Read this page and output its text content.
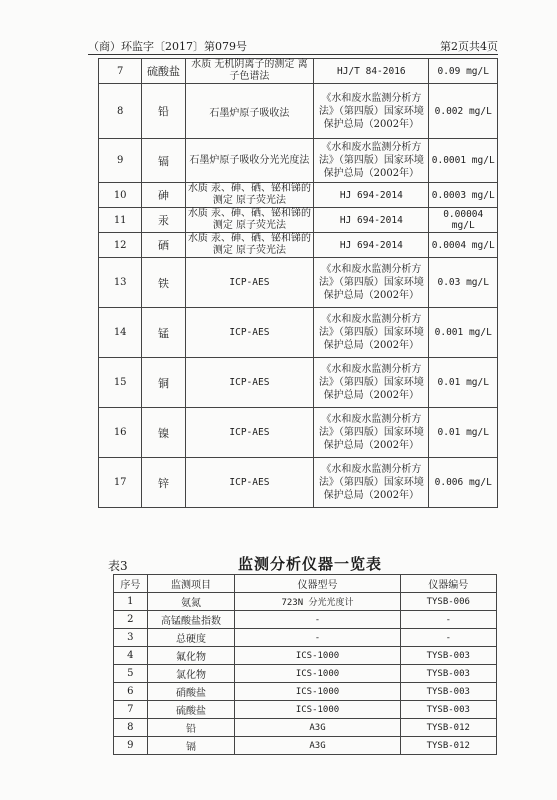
（商）环监字〔2017〕第079号	第2页共4页
7	硫酸盐	水质 无机阴离子的测定 离子色谱法	HJ/T 84-2016	0.09 mg/L
8	铅	石墨炉原子吸收法	《水和废水监测分析方法》（第四版）国家环境保护总局（2002年）	0.002 mg/L
9	镉	石墨炉原子吸收分光光度法	《水和废水监测分析方法》（第四版）国家环境保护总局（2002年）	0.0001 mg/L
10	砷	水质 汞、砷、硒、铋和锑的测定 原子荧光法	HJ 694-2014	0.0003 mg/L
11	汞	水质 汞、砷、硒、铋和锑的测定 原子荧光法	HJ 694-2014	0.00004 mg/L
12	硒	水质 汞、砷、硒、铋和锑的测定 原子荧光法	HJ 694-2014	0.0004 mg/L
13	铁	ICP-AES	《水和废水监测分析方法》（第四版）国家环境保护总局（2002年）	0.03 mg/L
14	锰	ICP-AES	《水和废水监测分析方法》（第四版）国家环境保护总局（2002年）	0.001 mg/L
15	铜	ICP-AES	《水和废水监测分析方法》（第四版）国家环境保护总局（2002年）	0.01 mg/L
16	镍	ICP-AES	《水和废水监测分析方法》（第四版）国家环境保护总局（2002年）	0.01 mg/L
17	锌	ICP-AES	《水和废水监测分析方法》（第四版）国家环境保护总局（2002年）	0.006 mg/L
表3	监测分析仪器一览表
序号	监测项目	仪器型号	仪器编号
1	氨氮	723N 分光光度计	TYSB-006
2	高锰酸盐指数	-	-
3	总硬度	-	-
4	氟化物	ICS-1000	TYSB-003
5	氯化物	ICS-1000	TYSB-003
6	硝酸盐	ICS-1000	TYSB-003
7	硫酸盐	ICS-1000	TYSB-003
8	铅	A3G	TYSB-012
9	镉	A3G	TYSB-012
